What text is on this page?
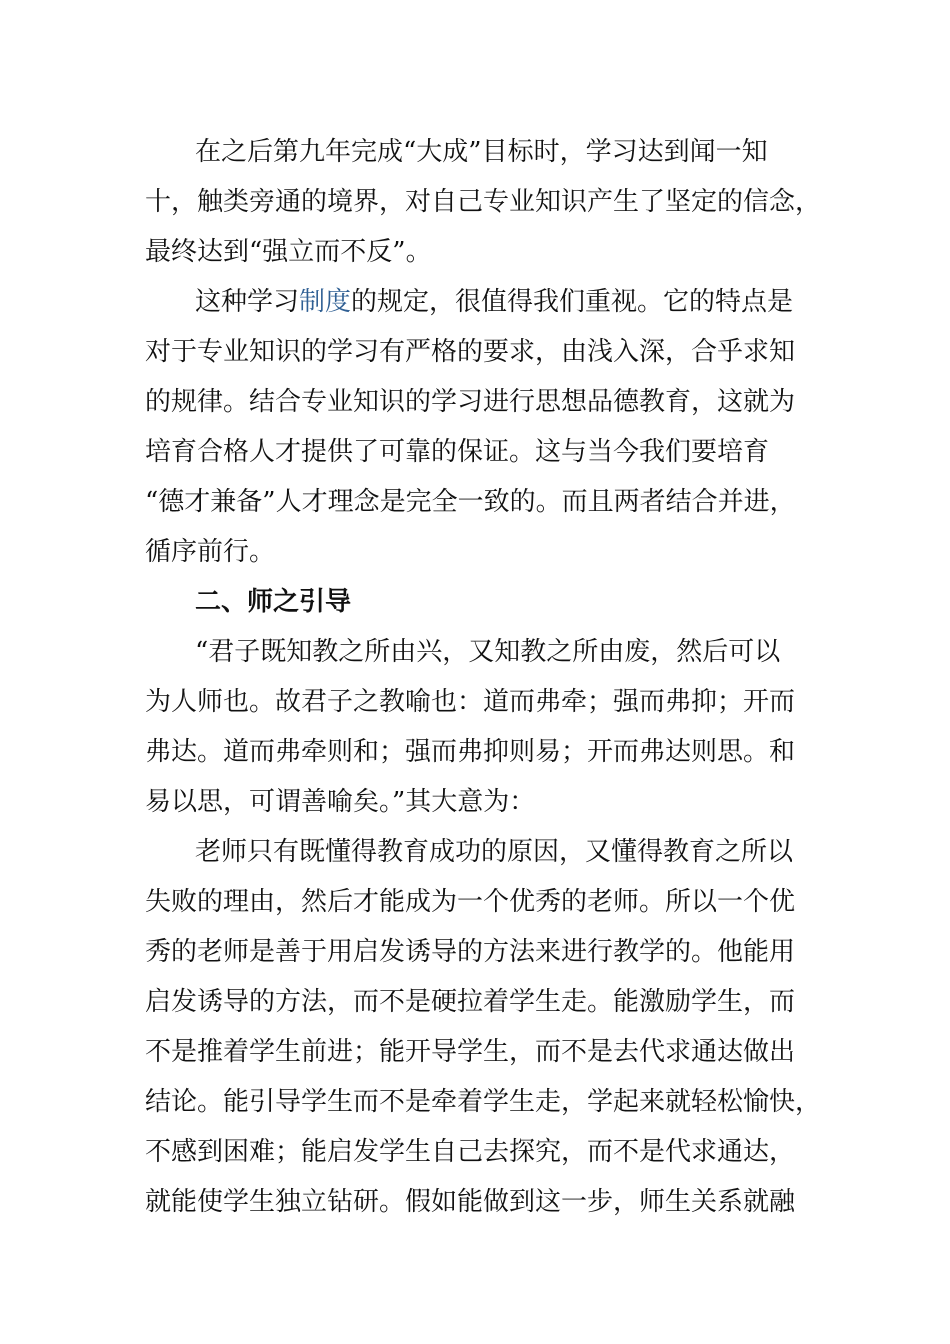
在之后第九年完成“大成”目标时，学习达到闻一知
十，触类旁通的境界，对自己专业知识产生了坚定的信念，
最终达到“强立而不反”。
这种学习制度的规定，很值得我们重视。它的特点是
对于专业知识的学习有严格的要求，由浅入深，合乎求知
的规律。结合专业知识的学习进行思想品德教育，这就为
培育合格人才提供了可靠的保证。这与当今我们要培育
“德才兼备”人才理念是完全一致的。而且两者结合并进，
循序前行。
二、师之引导
“君子既知教之所由兴，又知教之所由废，然后可以
为人师也。故君子之教喻也：道而弗牵；强而弗抑；开而
弗达。道而弗牵则和；强而弗抑则易；开而弗达则思。和
易以思，可谓善喻矣。”其大意为：
老师只有既懂得教育成功的原因，又懂得教育之所以
失败的理由，然后才能成为一个优秀的老师。所以一个优
秀的老师是善于用启发诱导的方法来进行教学的。他能用
启发诱导的方法，而不是硬拉着学生走。能激励学生，而
不是推着学生前进；能开导学生，而不是去代求通达做出
结论。能引导学生而不是牵着学生走，学起来就轻松愉快，
不感到困难；能启发学生自己去探究，而不是代求通达，
就能使学生独立钻研。假如能做到这一步，师生关系就融
